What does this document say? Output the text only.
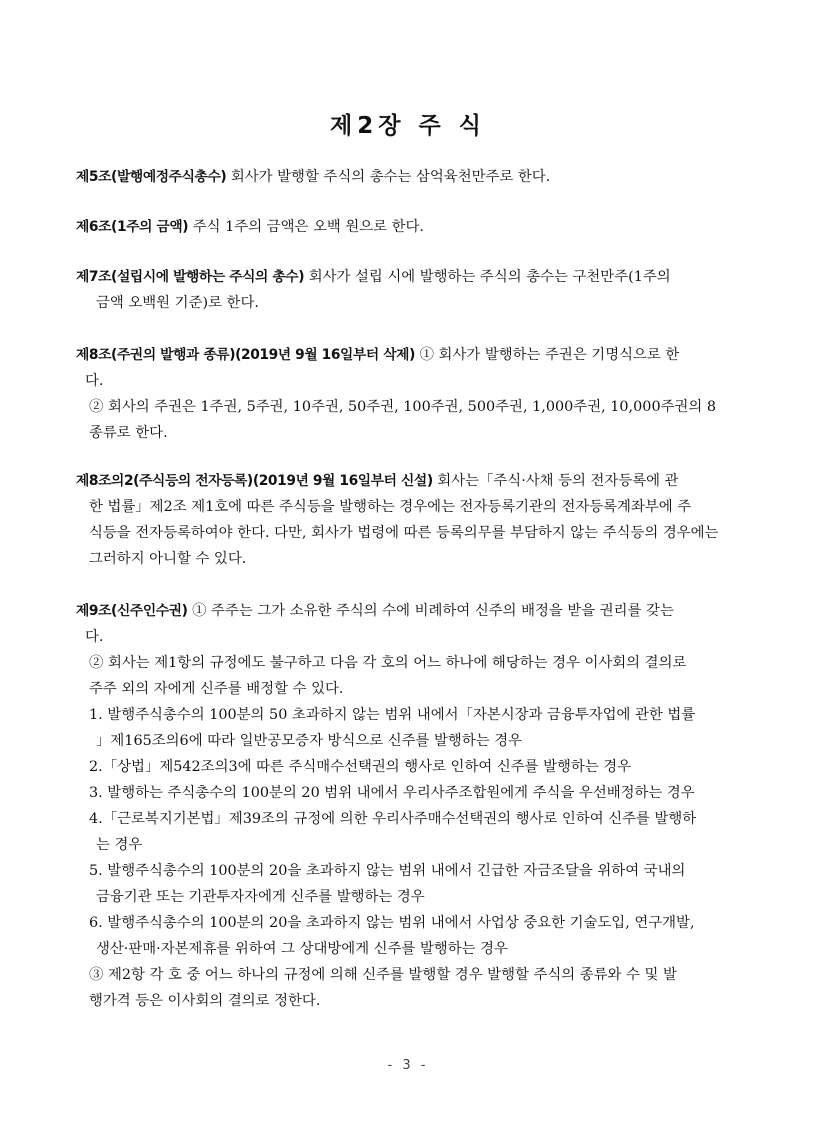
제2장 주 식
제5조(발행예정주식총수) 회사가 발행할 주식의 총수는 삼억육천만주로 한다.
제6조(1주의 금액) 주식 1주의 금액은 오백 원으로 한다.
제7조(설립시에 발행하는 주식의 총수) 회사가 설립 시에 발행하는 주식의 총수는 구천만주(1주의
금액 오백원 기준)로 한다.
제8조(주권의 발행과 종류)(2019년 9월 16일부터 삭제) ① 회사가 발행하는 주권은 기명식으로 한
다.
② 회사의 주권은 1주권, 5주권, 10주권, 50주권, 100주권, 500주권, 1,000주권, 10,000주권의 8
종류로 한다.
제8조의2(주식등의 전자등록)(2019년 9월 16일부터 신설) 회사는「주식·사채 등의 전자등록에 관
한 법률」제2조 제1호에 따른 주식등을 발행하는 경우에는 전자등록기관의 전자등록계좌부에 주
식등을 전자등록하여야 한다. 다만, 회사가 법령에 따른 등록의무를 부담하지 않는 주식등의 경우에는
그러하지 아니할 수 있다.
제9조(신주인수권) ① 주주는 그가 소유한 주식의 수에 비례하여 신주의 배정을 받을 권리를 갖는
다.
② 회사는 제1항의 규정에도 불구하고 다음 각 호의 어느 하나에 해당하는 경우 이사회의 결의로
주주 외의 자에게 신주를 배정할 수 있다.
1. 발행주식총수의 100분의 50 초과하지 않는 범위 내에서「자본시장과 금융투자업에 관한 법률
」제165조의6에 따라 일반공모증자 방식으로 신주를 발행하는 경우
2.「상법」제542조의3에 따른 주식매수선택권의 행사로 인하여 신주를 발행하는 경우
3. 발행하는 주식총수의 100분의 20 범위 내에서 우리사주조합원에게 주식을 우선배정하는 경우
4.「근로복지기본법」제39조의 규정에 의한 우리사주매수선택권의 행사로 인하여 신주를 발행하
는 경우
5. 발행주식총수의 100분의 20을 초과하지 않는 범위 내에서 긴급한 자금조달을 위하여 국내의
금융기관 또는 기관투자자에게 신주를 발행하는 경우
6. 발행주식총수의 100분의 20을 초과하지 않는 범위 내에서 사업상 중요한 기술도입, 연구개발,
생산·판매·자본제휴를 위하여 그 상대방에게 신주를 발행하는 경우
③ 제2항 각 호 중 어느 하나의 규정에 의해 신주를 발행할 경우 발행할 주식의 종류와 수 및 발
행가격 등은 이사회의 결의로 정한다.
- 3 -
